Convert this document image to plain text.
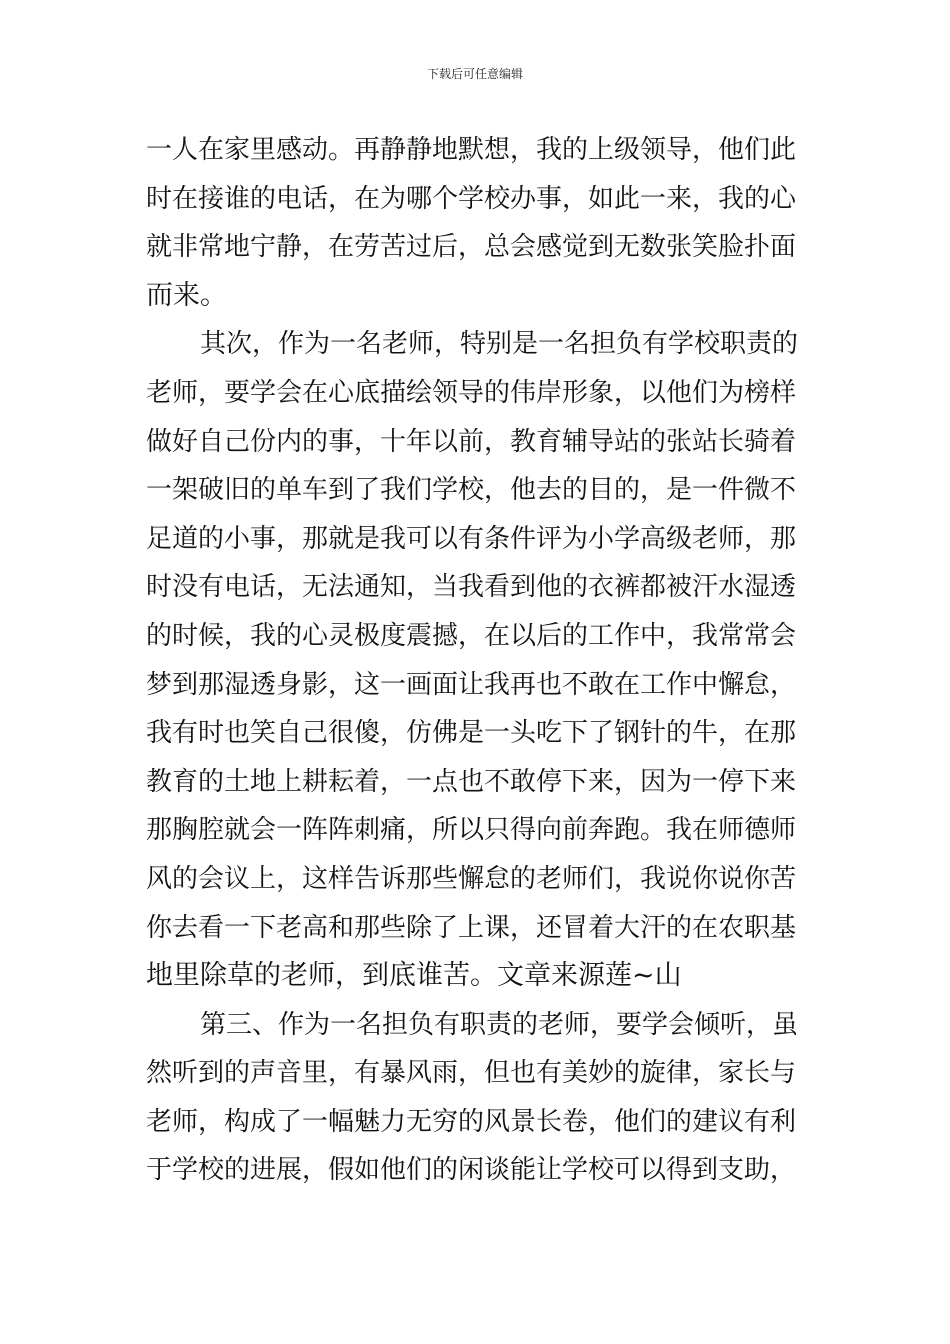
下载后可任意编辑
一人在家里感动。再静静地默想，我的上级领导，他们此
时在接谁的电话，在为哪个学校办事，如此一来，我的心
就非常地宁静，在劳苦过后，总会感觉到无数张笑脸扑面
而来。
其次，作为一名老师，特别是一名担负有学校职责的
老师，要学会在心底描绘领导的伟岸形象，以他们为榜样
做好自己份内的事，十年以前，教育辅导站的张站长骑着
一架破旧的单车到了我们学校，他去的目的，是一件微不
足道的小事，那就是我可以有条件评为小学高级老师，那
时没有电话，无法通知，当我看到他的衣裤都被汗水湿透
的时候，我的心灵极度震撼，在以后的工作中，我常常会
梦到那湿透身影，这一画面让我再也不敢在工作中懈怠，
我有时也笑自己很傻，仿佛是一头吃下了钢针的牛，在那
教育的土地上耕耘着，一点也不敢停下来，因为一停下来
那胸腔就会一阵阵刺痛，所以只得向前奔跑。我在师德师
风的会议上，这样告诉那些懈怠的老师们，我说你说你苦
你去看一下老高和那些除了上课，还冒着大汗的在农职基
地里除草的老师，到底谁苦。文章来源莲~山
第三、作为一名担负有职责的老师，要学会倾听，虽
然听到的声音里，有暴风雨，但也有美妙的旋律，家长与
老师，构成了一幅魅力无穷的风景长卷，他们的建议有利
于学校的进展，假如他们的闲谈能让学校可以得到支助，
